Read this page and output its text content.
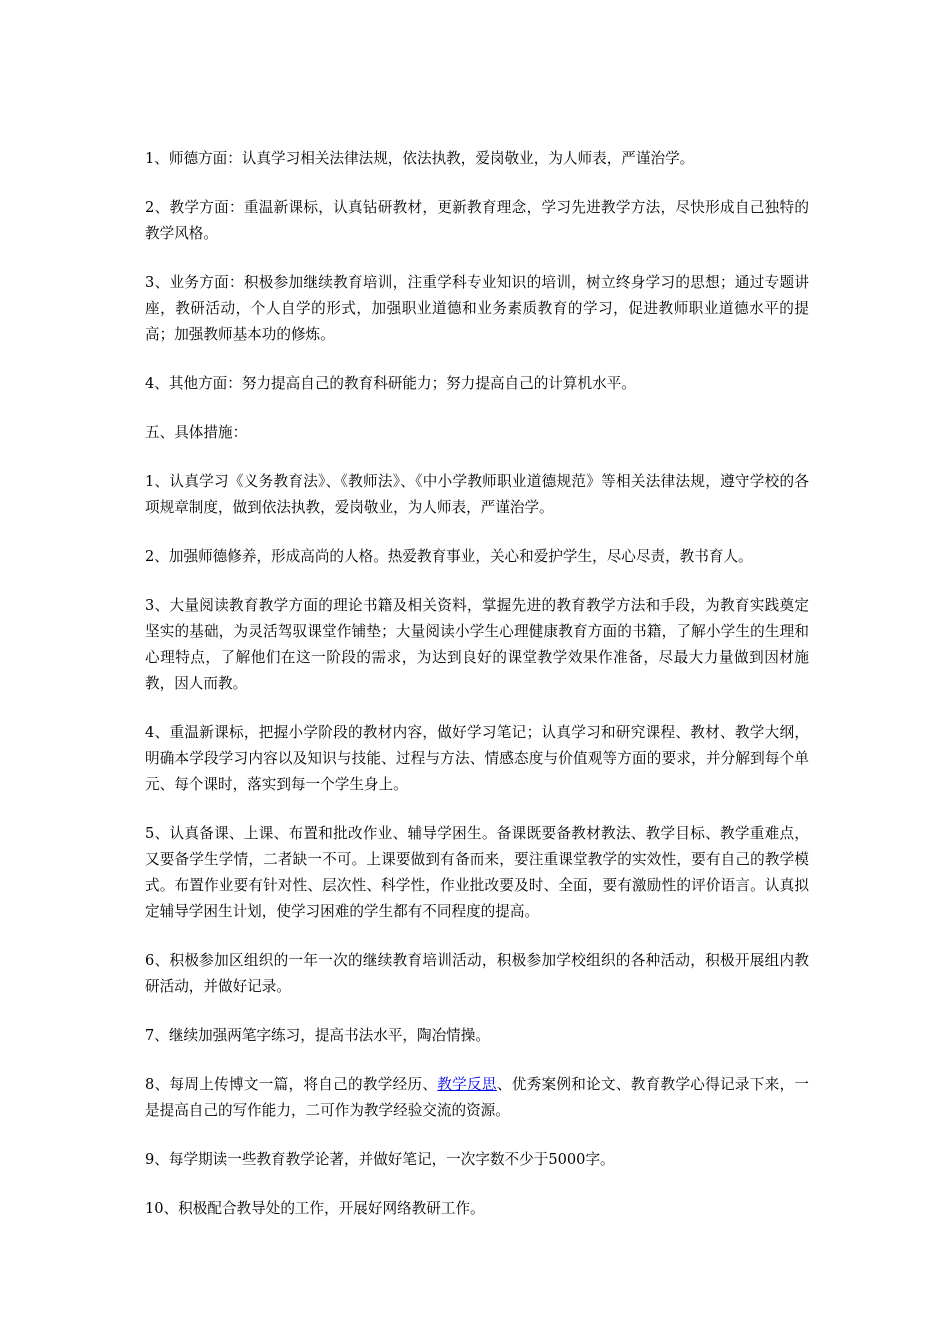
1、师德方面：认真学习相关法律法规，依法执教，爱岗敬业，为人师表，严谨治学。

2、教学方面：重温新课标，认真钻研教材，更新教育理念，学习先进教学方法，尽快形成自己独特的教学风格。

3、业务方面：积极参加继续教育培训，注重学科专业知识的培训，树立终身学习的思想；通过专题讲座，教研活动，个人自学的形式，加强职业道德和业务素质教育的学习，促进教师职业道德水平的提高；加强教师基本功的修炼。

4、其他方面：努力提高自己的教育科研能力；努力提高自己的计算机水平。

五、具体措施：

1、认真学习《义务教育法》、《教师法》、《中小学教师职业道德规范》等相关法律法规，遵守学校的各项规章制度，做到依法执教，爱岗敬业，为人师表，严谨治学。

2、加强师德修养，形成高尚的人格。热爱教育事业，关心和爱护学生，尽心尽责，教书育人。

3、大量阅读教育教学方面的理论书籍及相关资料，掌握先进的教育教学方法和手段，为教育实践奠定坚实的基础，为灵活驾驭课堂作铺垫；大量阅读小学生心理健康教育方面的书籍，了解小学生的生理和心理特点，了解他们在这一阶段的需求，为达到良好的课堂教学效果作准备，尽最大力量做到因材施教，因人而教。

4、重温新课标，把握小学阶段的教材内容，做好学习笔记；认真学习和研究课程、教材、教学大纲，明确本学段学习内容以及知识与技能、过程与方法、情感态度与价值观等方面的要求，并分解到每个单元、每个课时，落实到每一个学生身上。

5、认真备课、上课、布置和批改作业、辅导学困生。备课既要备教材教法、教学目标、教学重难点，又要备学生学情，二者缺一不可。上课要做到有备而来，要注重课堂教学的实效性，要有自己的教学模式。布置作业要有针对性、层次性、科学性，作业批改要及时、全面，要有激励性的评价语言。认真拟定辅导学困生计划，使学习困难的学生都有不同程度的提高。

6、积极参加区组织的一年一次的继续教育培训活动，积极参加学校组织的各种活动，积极开展组内教研活动，并做好记录。

7、继续加强两笔字练习，提高书法水平，陶冶情操。

8、每周上传博文一篇，将自己的教学经历、教学反思、优秀案例和论文、教育教学心得记录下来，一是提高自己的写作能力，二可作为教学经验交流的资源。

9、每学期读一些教育教学论著，并做好笔记，一次字数不少于5000字。

10、积极配合教导处的工作，开展好网络教研工作。
